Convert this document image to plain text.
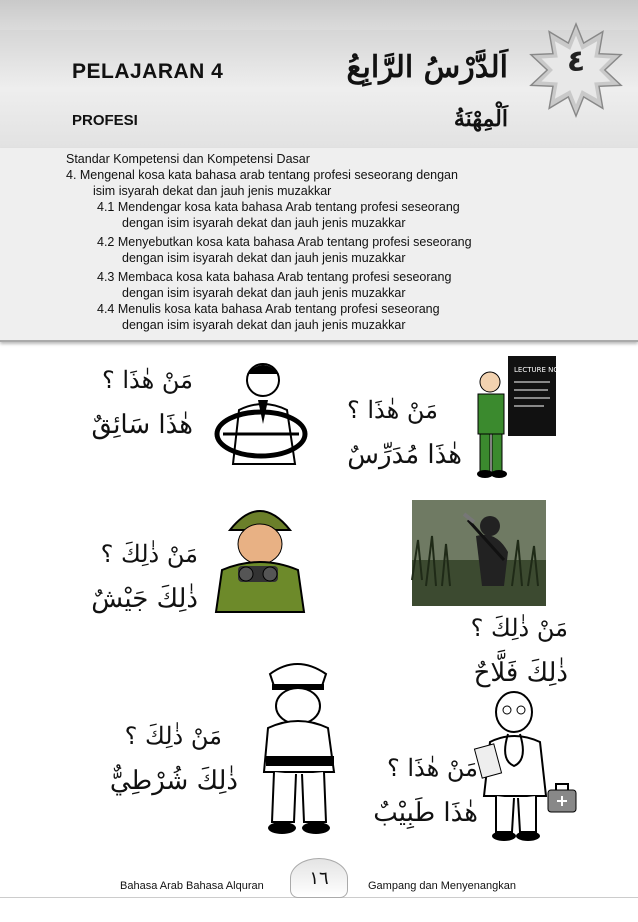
PELAJARAN 4	اَلدَّرْسُ الرَّابِعُ
PROFESI	اَلْمِهْنَةُ
٤

Standar Kompetensi dan Kompetensi Dasar

4. Mengenal kosa kata bahasa arab tentang profesi seseorang dengan

isim isyarah dekat dan jauh jenis muzakkar

4.1 Mendengar kosa kata bahasa Arab tentang profesi seseorang

dengan isim isyarah dekat dan jauh jenis muzakkar

4.2 Menyebutkan kosa kata bahasa Arab tentang profesi seseorang

dengan isim isyarah dekat dan jauh jenis muzakkar

4.3 Membaca kosa kata bahasa Arab tentang profesi seseorang

dengan isim isyarah dekat dan jauh jenis muzakkar

4.4 Menulis kosa kata bahasa Arab tentang profesi seseorang

dengan isim isyarah dekat dan jauh jenis muzakkar

مَنْ هٰذَا ؟
هٰذَا سَائِقٌ	مَنْ هٰذَا ؟
هٰذَا مُدَرِّسٌ
LECTURE NOTES
مَنْ ذٰلِكَ ؟
ذٰلِكَ جَيْشٌ
مَنْ ذٰلِكَ ؟
ذٰلِكَ فَلَّاحٌ
مَنْ ذٰلِكَ ؟
ذٰلِكَ شُرْطِيٌّ	مَنْ هٰذَا ؟
هٰذَا طَبِيْبٌ
Bahasa Arab Bahasa Alquran	١٦	Gampang dan Menyenangkan
